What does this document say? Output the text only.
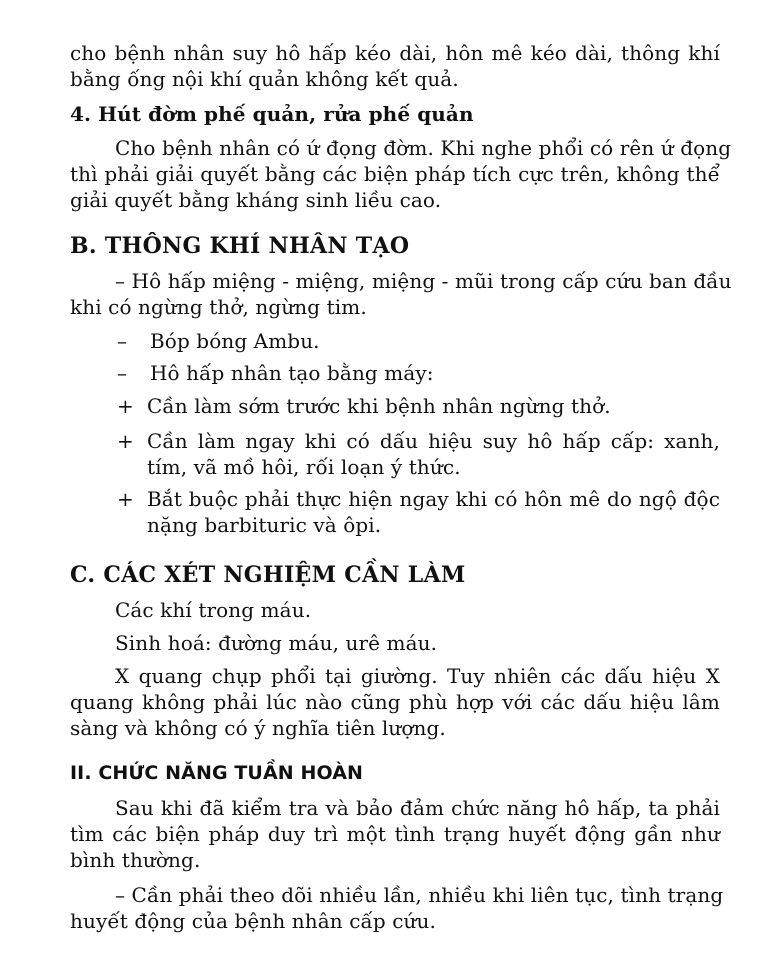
cho bệnh nhân suy hô hấp kéo dài, hôn mê kéo dài, thông khí
bằng ống nội khí quản không kết quả.
4. Hút đờm phế quản, rửa phế quản
Cho bệnh nhân có ứ đọng đờm. Khi nghe phổi có rên ứ đọng
thì phải giải quyết bằng các biện pháp tích cực trên, không thể
giải quyết bằng kháng sinh liều cao.
B. THÔNG KHÍ NHÂN TẠO
– Hô hấp miệng - miệng, miệng - mũi trong cấp cứu ban đầu
khi có ngừng thở, ngừng tim.
– Bóp bóng Ambu.
– Hô hấp nhân tạo bằng máy:
+ Cần làm sớm trước khi bệnh nhân ngừng thở.
+ Cần làm ngay khi có dấu hiệu suy hô hấp cấp: xanh,
tím, vã mồ hôi, rối loạn ý thức.
+ Bắt buộc phải thực hiện ngay khi có hôn mê do ngộ độc
nặng barbituric và ôpi.
C. CÁC XÉT NGHIỆM CẦN LÀM
Các khí trong máu.
Sinh hoá: đường máu, urê máu.
X quang chụp phổi tại giường. Tuy nhiên các dấu hiệu X
quang không phải lúc nào cũng phù hợp với các dấu hiệu lâm
sàng và không có ý nghĩa tiên lượng.
II. CHỨC NĂNG TUẦN HOÀN
Sau khi đã kiểm tra và bảo đảm chức năng hô hấp, ta phải
tìm các biện pháp duy trì một tình trạng huyết động gần như
bình thường.
– Cần phải theo dõi nhiều lần, nhiều khi liên tục, tình trạng
huyết động của bệnh nhân cấp cứu.
